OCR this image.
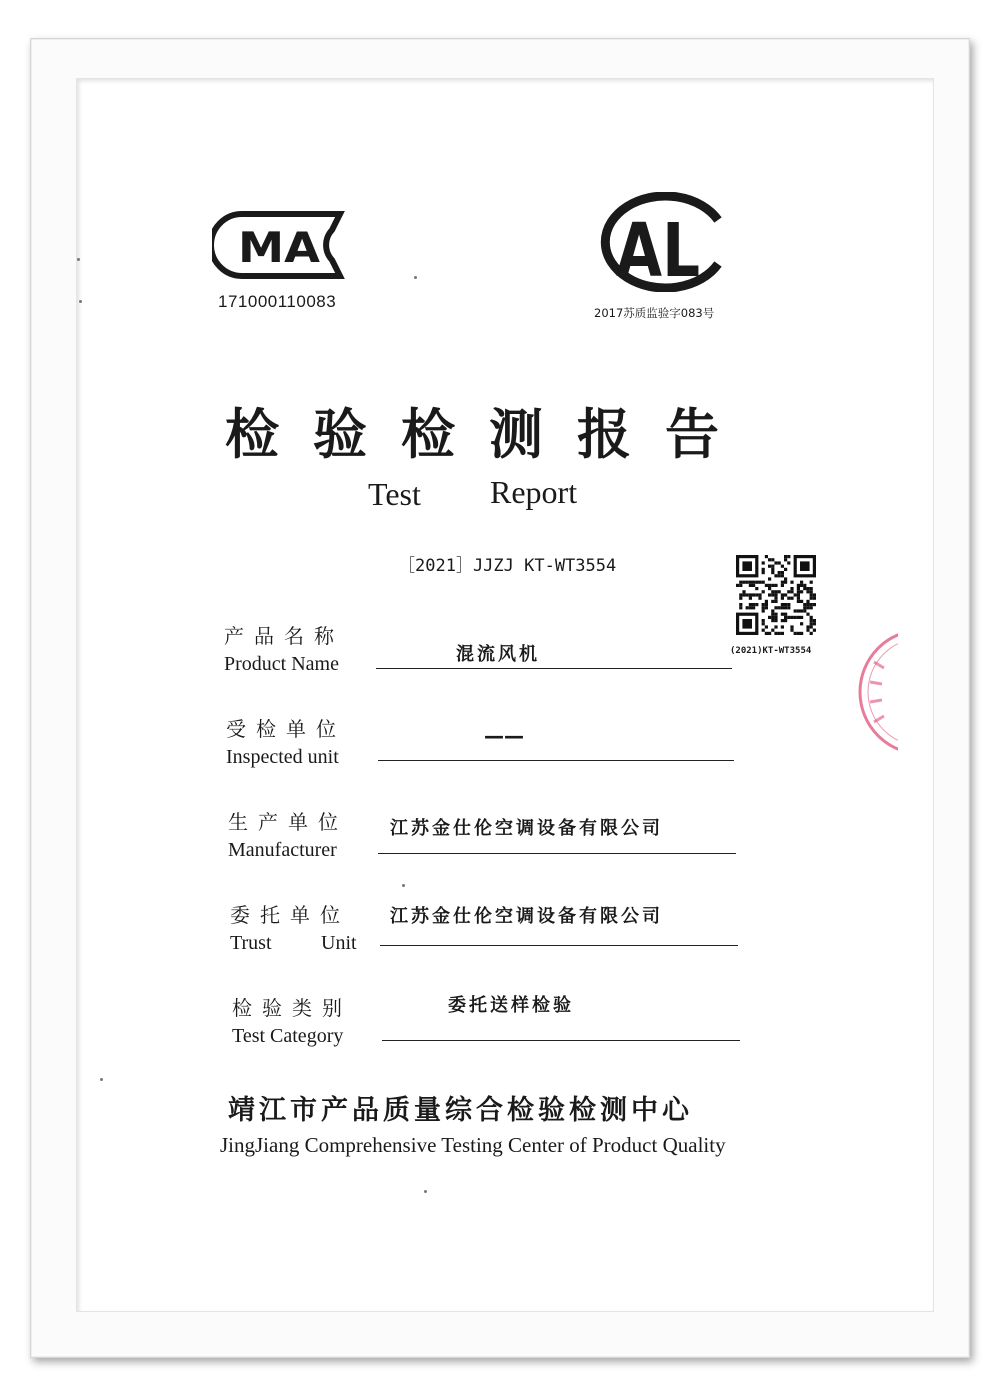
MA
171000110083
AL
2017苏质监验字083号
检验检测报告
Test Report
［2021］JJZJ KT-WT3554
(2021)KT-WT3554
产品名称
Product Name	混流风机
受检单位
Inspected unit
——
生产单位
Manufacturer
江苏金仕伦空调设备有限公司
委托单位
Trust Unit
江苏金仕伦空调设备有限公司
检验类别
Test Category
委托送样检验
靖江市产品质量综合检验检测中心
JingJiang Comprehensive Testing Center of Product Quality
